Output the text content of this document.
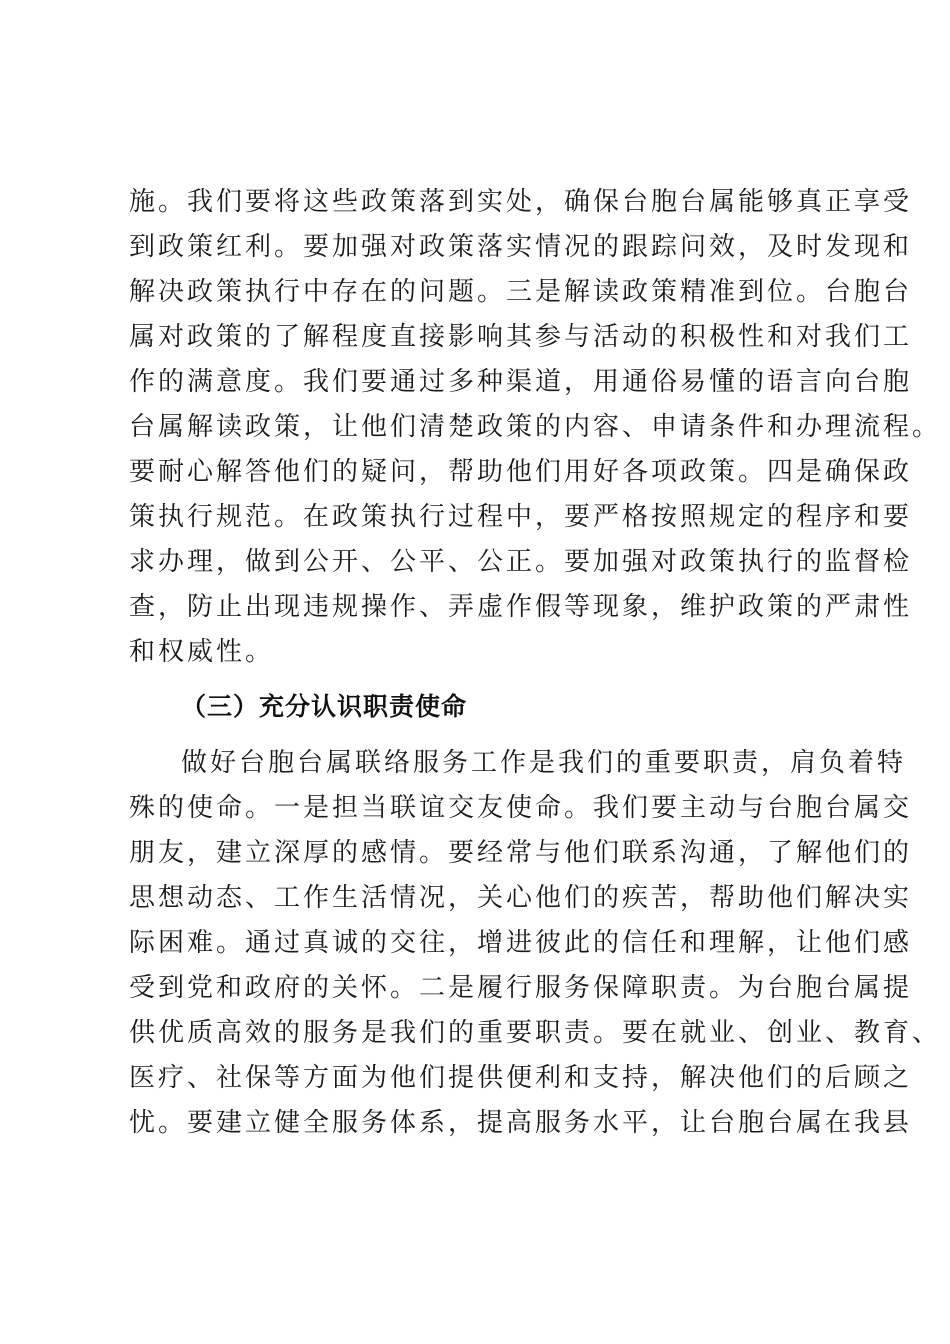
施。我们要将这些政策落到实处，确保台胞台属能够真正享受
到政策红利。要加强对政策落实情况的跟踪问效，及时发现和
解决政策执行中存在的问题。三是解读政策精准到位。台胞台
属对政策的了解程度直接影响其参与活动的积极性和对我们工
作的满意度。我们要通过多种渠道，用通俗易懂的语言向台胞
台属解读政策，让他们清楚政策的内容、申请条件和办理流程。
要耐心解答他们的疑问，帮助他们用好各项政策。四是确保政
策执行规范。在政策执行过程中，要严格按照规定的程序和要
求办理，做到公开、公平、公正。要加强对政策执行的监督检
查，防止出现违规操作、弄虚作假等现象，维护政策的严肃性
和权威性。
（三）充分认识职责使命
做好台胞台属联络服务工作是我们的重要职责，肩负着特
殊的使命。一是担当联谊交友使命。我们要主动与台胞台属交
朋友，建立深厚的感情。要经常与他们联系沟通，了解他们的
思想动态、工作生活情况，关心他们的疾苦，帮助他们解决实
际困难。通过真诚的交往，增进彼此的信任和理解，让他们感
受到党和政府的关怀。二是履行服务保障职责。为台胞台属提
供优质高效的服务是我们的重要职责。要在就业、创业、教育、
医疗、社保等方面为他们提供便利和支持，解决他们的后顾之
忧。要建立健全服务体系，提高服务水平，让台胞台属在我县
